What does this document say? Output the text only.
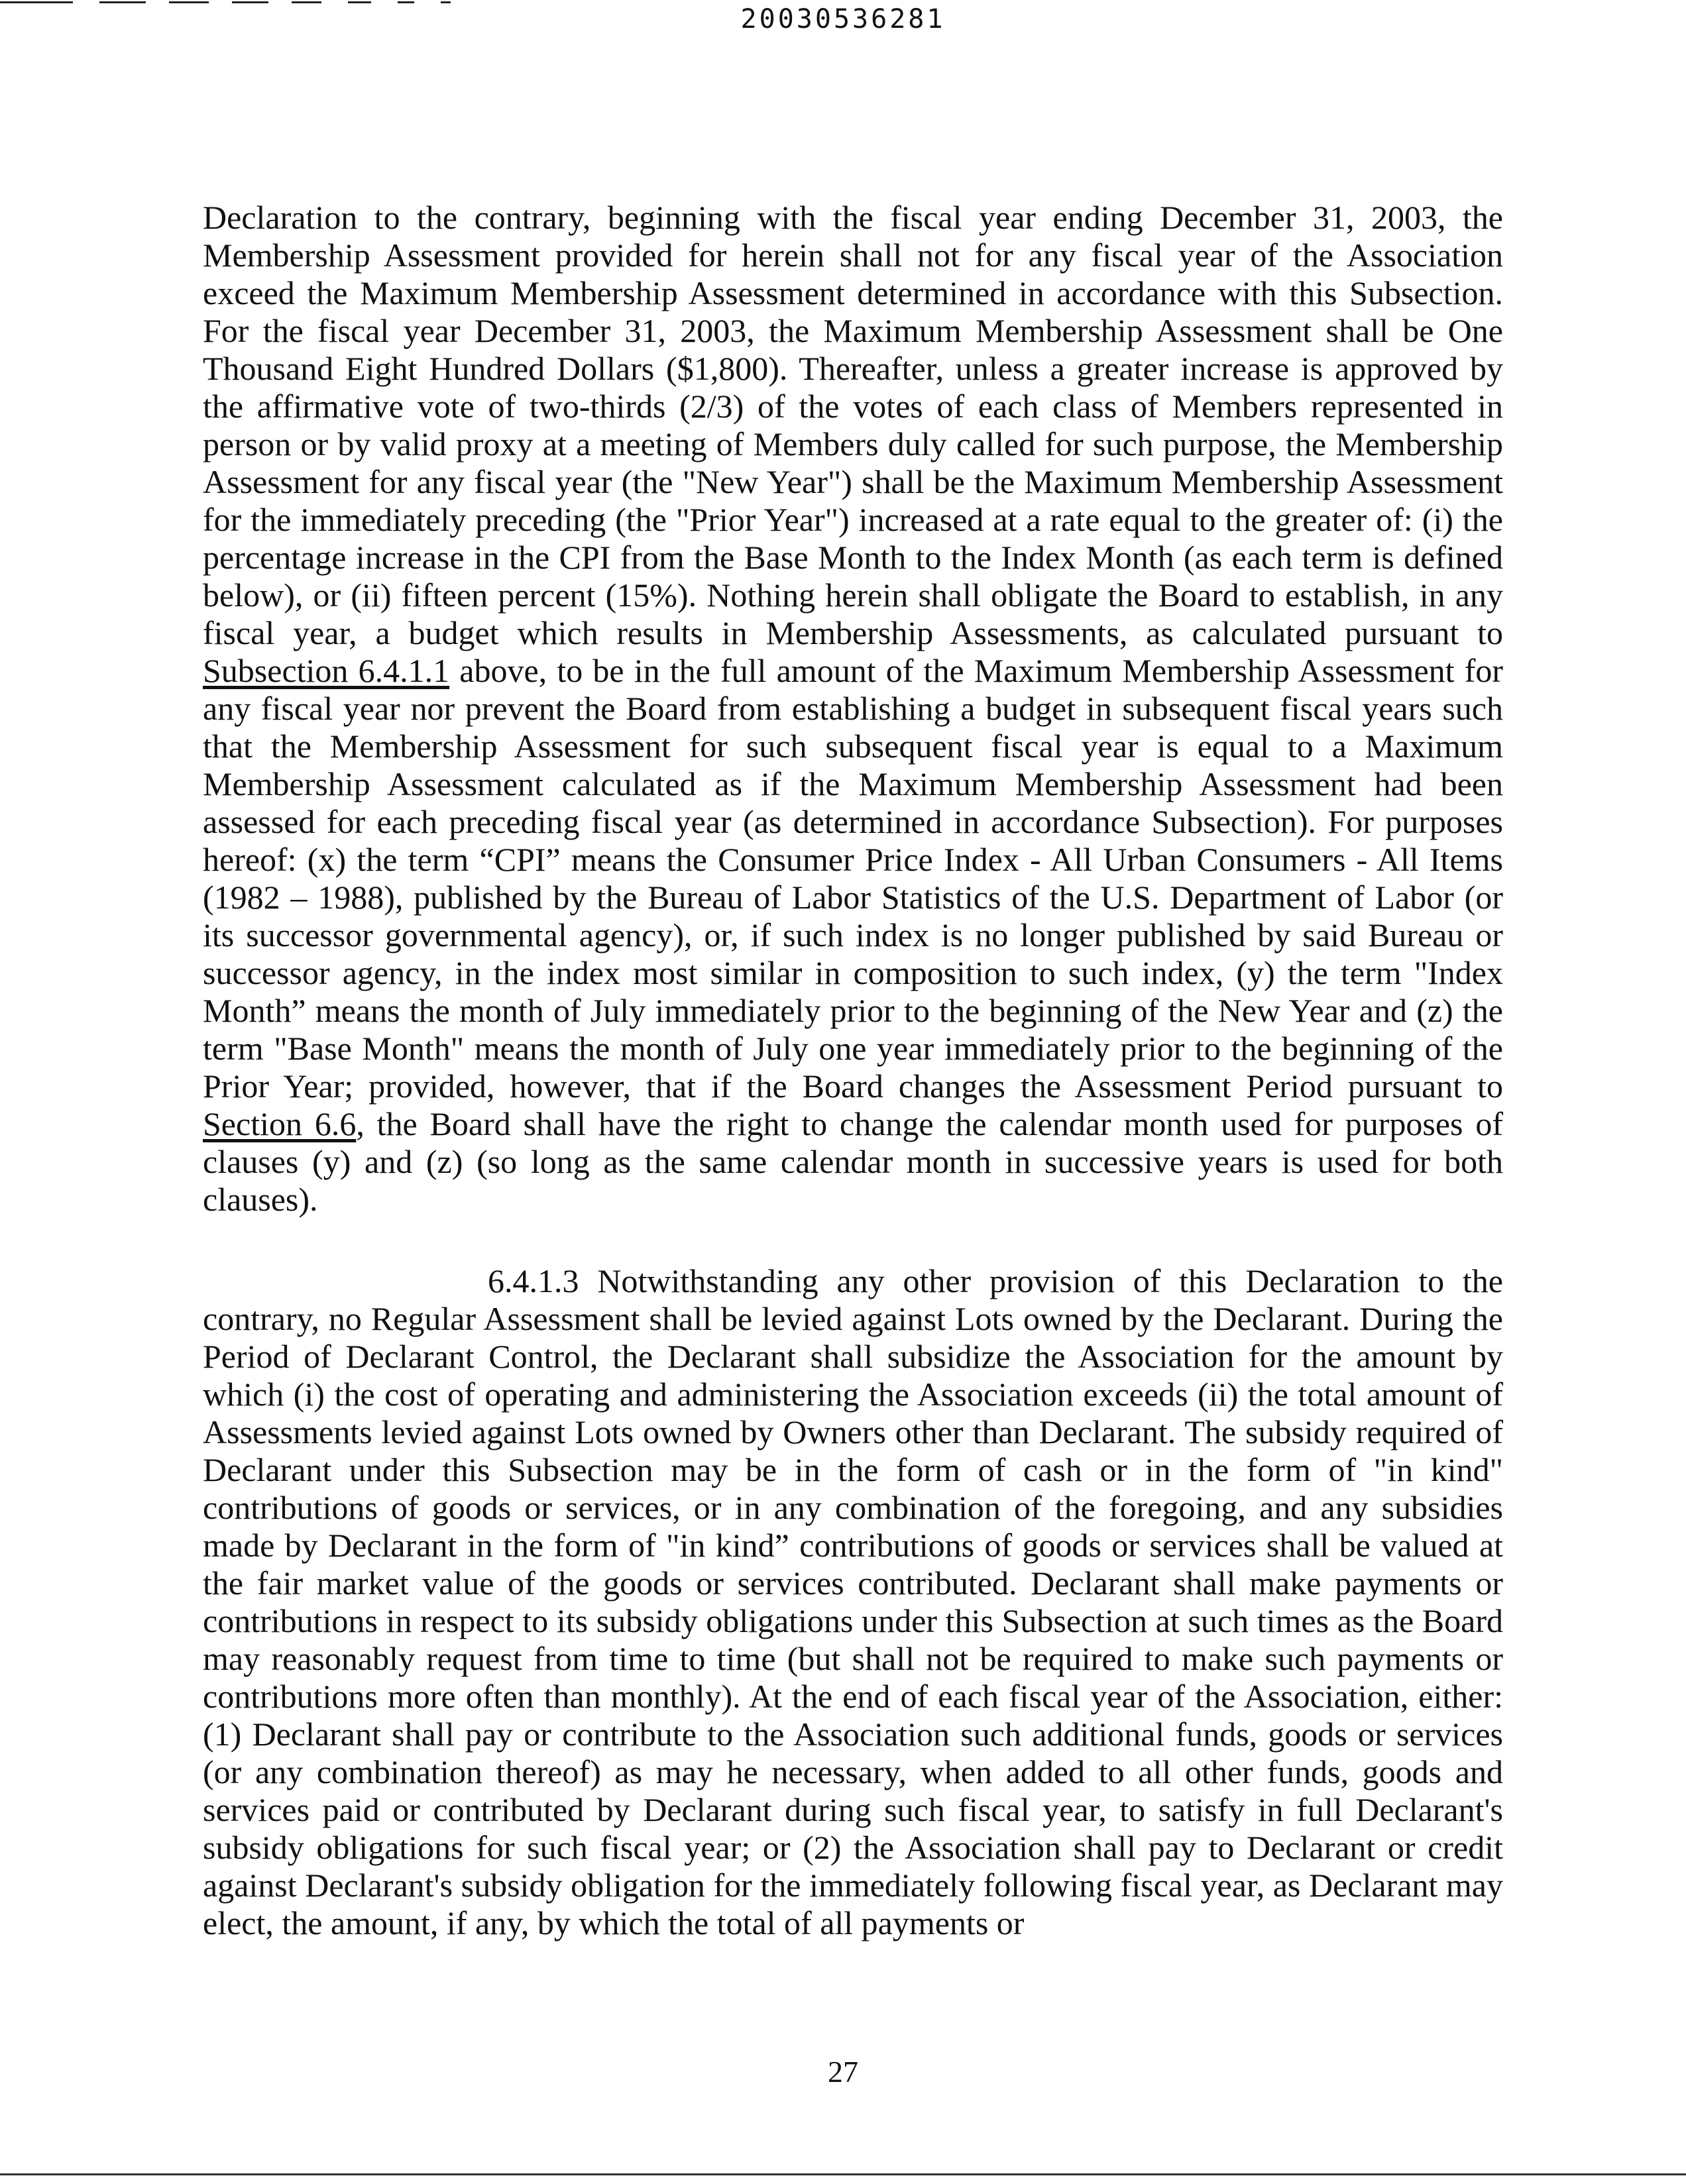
20030536281

Declaration to the contrary, beginning with the fiscal year ending December 31, 2003, the Membership Assessment provided for herein shall not for any fiscal year of the Association exceed the Maximum Membership Assessment determined in accordance with this Subsection. For the fiscal year December 31, 2003, the Maximum Membership Assessment shall be One Thousand Eight Hundred Dollars ($1,800). Thereafter, unless a greater increase is approved by the affirmative vote of two-thirds (2/3) of the votes of each class of Members represented in person or by valid proxy at a meeting of Members duly called for such purpose, the Membership Assessment for any fiscal year (the "New Year") shall be the Maximum Membership Assessment for the immediately preceding (the "Prior Year") increased at a rate equal to the greater of: (i) the percentage increase in the CPI from the Base Month to the Index Month (as each term is defined below), or (ii) fifteen percent (15%). Nothing herein shall obligate the Board to establish, in any fiscal year, a budget which results in Membership Assessments, as calculated pursuant to Subsection 6.4.1.1 above, to be in the full amount of the Maximum Membership Assessment for any fiscal year nor prevent the Board from establishing a budget in subsequent fiscal years such that the Membership Assessment for such subsequent fiscal year is equal to a Maximum Membership Assessment calculated as if the Maximum Membership Assessment had been assessed for each preceding fiscal year (as determined in accordance Subsection). For purposes hereof: (x) the term “CPI” means the Consumer Price Index - All Urban Consumers - All Items (1982 – 1988), published by the Bureau of Labor Statistics of the U.S. Department of Labor (or its successor governmental agency), or, if such index is no longer published by said Bureau or successor agency, in the index most similar in composition to such index, (y) the term "Index Month” means the month of July immediately prior to the beginning of the New Year and (z) the term "Base Month" means the month of July one year immediately prior to the beginning of the Prior Year; provided, however, that if the Board changes the Assessment Period pursuant to Section 6.6, the Board shall have the right to change the calendar month used for purposes of clauses (y) and (z) (so long as the same calendar month in successive years is used for both clauses).

6.4.1.3 Notwithstanding any other provision of this Declaration to the contrary, no Regular Assessment shall be levied against Lots owned by the Declarant. During the Period of Declarant Control, the Declarant shall subsidize the Association for the amount by which (i) the cost of operating and administering the Association exceeds (ii) the total amount of Assessments levied against Lots owned by Owners other than Declarant. The subsidy required of Declarant under this Subsection may be in the form of cash or in the form of "in kind" contributions of goods or services, or in any combination of the foregoing, and any subsidies made by Declarant in the form of "in kind” contributions of goods or services shall be valued at the fair market value of the goods or services contributed. Declarant shall make payments or contributions in respect to its subsidy obligations under this Subsection at such times as the Board may reasonably request from time to time (but shall not be required to make such payments or contributions more often than monthly). At the end of each fiscal year of the Association, either: (1) Declarant shall pay or contribute to the Association such additional funds, goods or services (or any combination thereof) as may he necessary, when added to all other funds, goods and services paid or contributed by Declarant during such fiscal year, to satisfy in full Declarant's subsidy obligations for such fiscal year; or (2) the Association shall pay to Declarant or credit against Declarant's subsidy obligation for the immediately following fiscal year, as Declarant may elect, the amount, if any, by which the total of all payments or

27
